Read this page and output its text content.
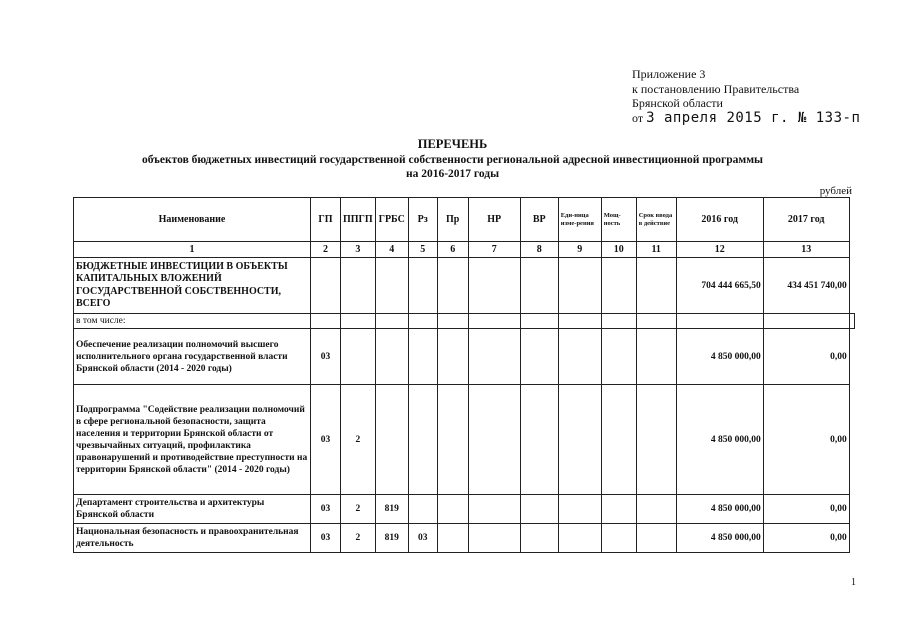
Приложение 3
к постановлению Правительства
Брянской области
от 3 апреля 2015 г. № 133-п
ПЕРЕЧЕНЬ
объектов бюджетных инвестиций государственной собственности региональной адресной инвестиционной программы
на 2016-2017 годы
рублей
Наименование	ГП	ППГП	ГРБС	Рз	Пр	НР	ВР	Еди-ница изме-рения	Мощ-ность	Срок ввода в действие	2016 год	2017 год	
1	2	3	4	5	6	7	8	9	10	11	12	13	
БЮДЖЕТНЫЕ ИНВЕСТИЦИИ В ОБЪЕКТЫ КАПИТАЛЬНЫХ ВЛОЖЕНИЙ ГОСУДАРСТВЕННОЙ СОБСТВЕННОСТИ, ВСЕГО											704 444 665,50	434 451 740,00	
в том числе:													
Обеспечение реализации полномочий высшего исполнительного органа государственной власти Брянской области (2014 - 2020 годы)	03										4 850 000,00	0,00	
Подпрограмма "Содействие реализации полномочий в сфере региональной безопасности, защита населения и территории Брянской области от чрезвычайных ситуаций, профилактика правонарушений и противодействие преступности на территории Брянской области" (2014 - 2020 годы)	03	2									4 850 000,00	0,00	
Департамент строительства и архитектуры Брянской области	03	2	819								4 850 000,00	0,00	
Национальная безопасность и правоохранительная деятельность	03	2	819	03							4 850 000,00	0,00	
1
